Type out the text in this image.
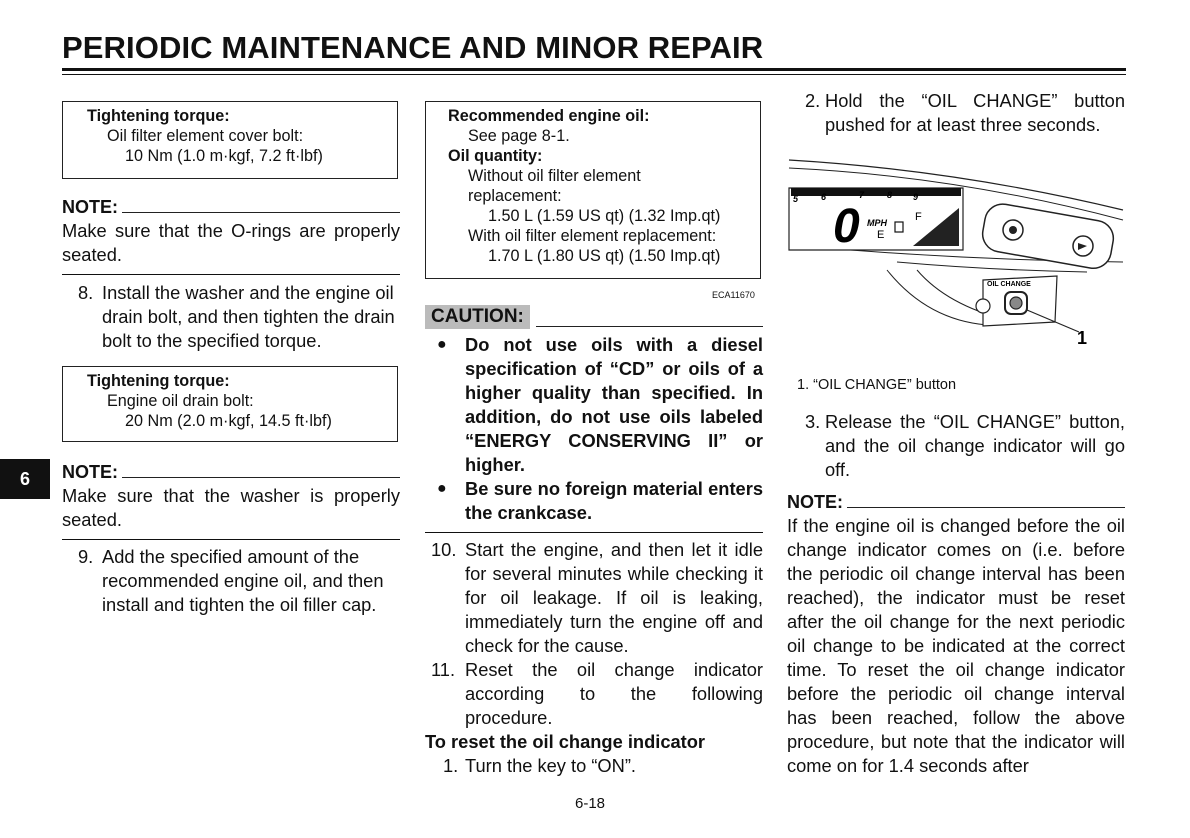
PERIODIC MAINTENANCE AND MINOR REPAIR
6
Tightening torque:
Oil filter element cover bolt:
10 Nm (1.0 m·kgf, 7.2 ft·lbf)
NOTE:
Make sure that the O-rings are properly seated.
8. Install the washer and the engine oil drain bolt, and then tighten the drain bolt to the specified torque.
Tightening torque:
Engine oil drain bolt:
20 Nm (2.0 m·kgf, 14.5 ft·lbf)
NOTE:
Make sure that the washer is properly seated.
9. Add the specified amount of the recommended engine oil, and then install and tighten the oil filler cap.
Recommended engine oil:
See page 8-1.
Oil quantity:
Without oil filter element replacement:
1.50 L (1.59 US qt) (1.32 Imp.qt)
With oil filter element replacement:
1.70 L (1.80 US qt) (1.50 Imp.qt)
ECA11670
CAUTION:
● Do not use oils with a diesel specification of “CD” or oils of a higher quality than specified. In addition, do not use oils labeled “ENERGY CONSERVING II” or higher.
● Be sure no foreign material enters the crankcase.
10. Start the engine, and then let it idle for several minutes while checking it for oil leakage. If oil is leaking, immediately turn the engine off and check for the cause.
11. Reset the oil change indicator according to the following procedure.
To reset the oil change indicator
1. Turn the key to “ON”.
2. Hold the “OIL CHANGE” button pushed for at least three seconds.
5	6	7	8 9
0 MPH	F
E
OIL CHANGE
1
1. “OIL CHANGE” button
3. Release the “OIL CHANGE” button, and the oil change indicator will go off.
NOTE:
If the engine oil is changed before the oil change indicator comes on (i.e. before the periodic oil change interval has been reached), the indicator must be reset after the oil change for the next periodic oil change to be indicated at the correct time. To reset the oil change indicator before the periodic oil change interval has been reached, follow the above procedure, but note that the indicator will come on for 1.4 seconds after
6-18
